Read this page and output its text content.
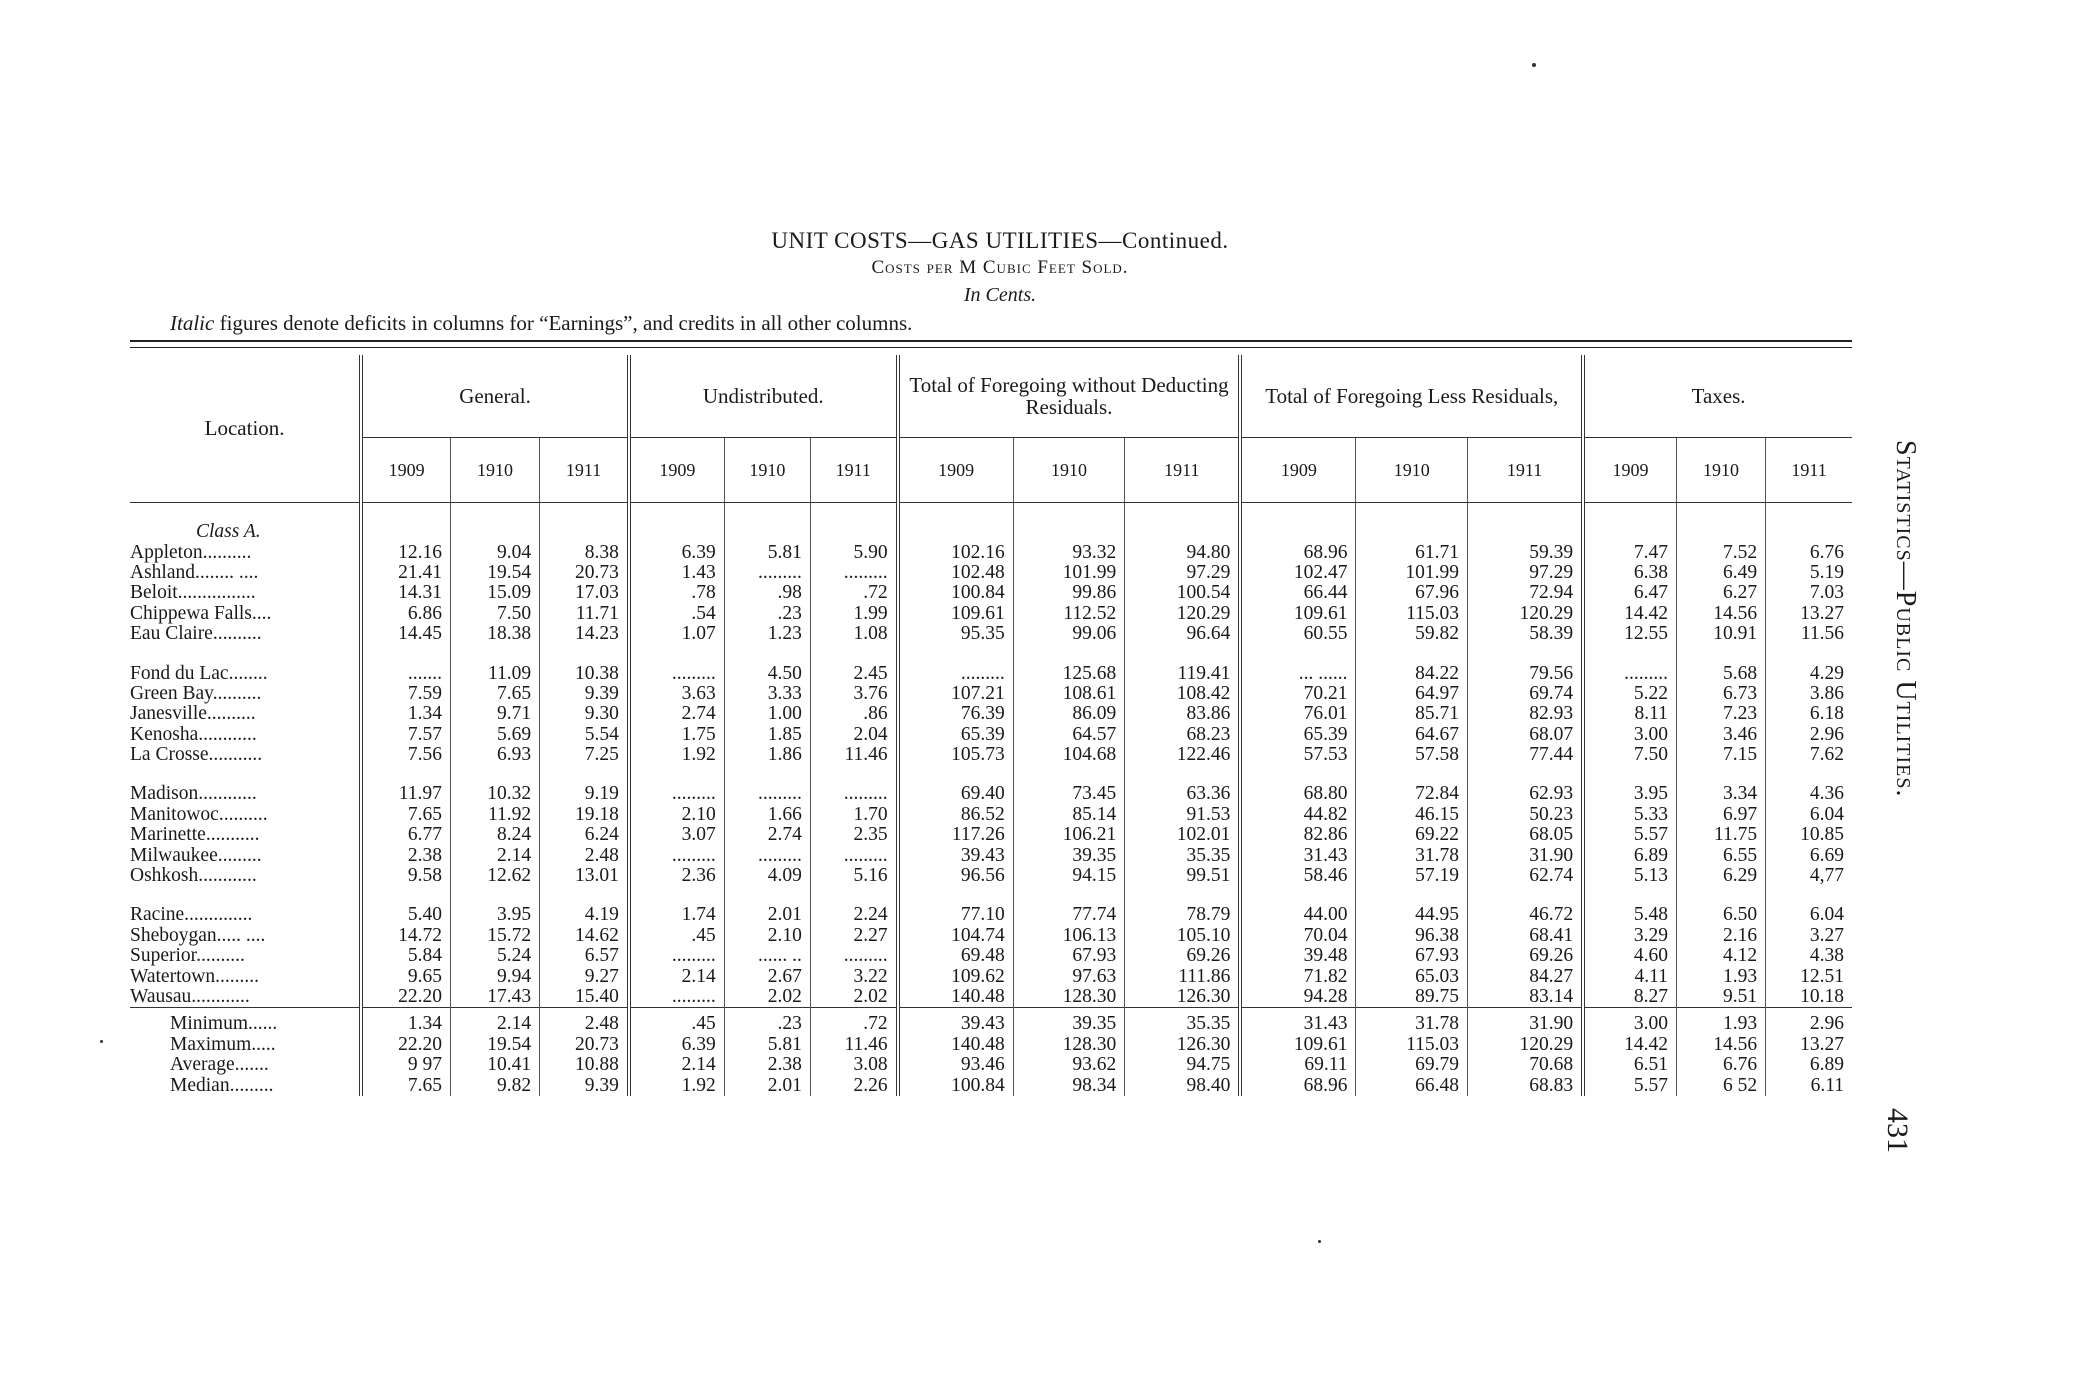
UNIT COSTS—GAS UTILITIES—Continued.
Costs per M Cubic Feet Sold.
In Cents.
Italic figures denote deficits in columns for “Earnings”, and credits in all other columns.
Location.	General.			Undistributed.			Total of Foregoing without Deducting Residuals.			Total of Foregoing Less Residuals,			Taxes.		
	1909	1910	1911	1909	1910	1911	1909	1910	1911	1909	1910	1911	1909	1910	1911

Class A.															
Appleton..........	12.16	9.04	8.38	6.39	5.81	5.90	102.16	93.32	94.80	68.96	61.71	59.39	7.47	7.52	6.76
Ashland........ ....	21.41	19.54	20.73	1.43	.........	.........	102.48	101.99	97.29	102.47	101.99	97.29	6.38	6.49	5.19
Beloit................	14.31	15.09	17.03	.78	.98	.72	100.84	99.86	100.54	66.44	67.96	72.94	6.47	6.27	7.03
Chippewa Falls....	6.86	7.50	11.71	.54	.23	1.99	109.61	112.52	120.29	109.61	115.03	120.29	14.42	14.56	13.27
Eau Claire..........	14.45	18.38	14.23	1.07	1.23	1.08	95.35	99.06	96.64	60.55	59.82	58.39	12.55	10.91	11.56

Fond du Lac........	.......	11.09	10.38	.........	4.50	2.45	.........	125.68	119.41	... ......	84.22	79.56	.........	5.68	4.29
Green Bay..........	7.59	7.65	9.39	3.63	3.33	3.76	107.21	108.61	108.42	70.21	64.97	69.74	5.22	6.73	3.86
Janesville..........	1.34	9.71	9.30	2.74	1.00	.86	76.39	86.09	83.86	76.01	85.71	82.93	8.11	7.23	6.18
Kenosha............	7.57	5.69	5.54	1.75	1.85	2.04	65.39	64.57	68.23	65.39	64.67	68.07	3.00	3.46	2.96
La Crosse...........	7.56	6.93	7.25	1.92	1.86	11.46	105.73	104.68	122.46	57.53	57.58	77.44	7.50	7.15	7.62

Madison............	11.97	10.32	9.19	.........	.........	.........	69.40	73.45	63.36	68.80	72.84	62.93	3.95	3.34	4.36
Manitowoc..........	7.65	11.92	19.18	2.10	1.66	1.70	86.52	85.14	91.53	44.82	46.15	50.23	5.33	6.97	6.04
Marinette...........	6.77	8.24	6.24	3.07	2.74	2.35	117.26	106.21	102.01	82.86	69.22	68.05	5.57	11.75	10.85
Milwaukee.........	2.38	2.14	2.48	.........	.........	.........	39.43	39.35	35.35	31.43	31.78	31.90	6.89	6.55	6.69
Oshkosh............	9.58	12.62	13.01	2.36	4.09	5.16	96.56	94.15	99.51	58.46	57.19	62.74	5.13	6.29	4,77

Racine..............	5.40	3.95	4.19	1.74	2.01	2.24	77.10	77.74	78.79	44.00	44.95	46.72	5.48	6.50	6.04
Sheboygan..... ....	14.72	15.72	14.62	.45	2.10	2.27	104.74	106.13	105.10	70.04	96.38	68.41	3.29	2.16	3.27
Superior..........	5.84	5.24	6.57	.........	...... ..	.........	69.48	67.93	69.26	39.48	67.93	69.26	4.60	4.12	4.38
Watertown.........	9.65	9.94	9.27	2.14	2.67	3.22	109.62	97.63	111.86	71.82	65.03	84.27	4.11	1.93	12.51
Wausau............	22.20	17.43	15.40	.........	2.02	2.02	140.48	128.30	126.30	94.28	89.75	83.14	8.27	9.51	10.18
Minimum......	1.34	2.14	2.48	.45	.23	.72	39.43	39.35	35.35	31.43	31.78	31.90	3.00	1.93	2.96
Maximum.....	22.20	19.54	20.73	6.39	5.81	11.46	140.48	128.30	126.30	109.61	115.03	120.29	14.42	14.56	13.27
Average.......	9 97	10.41	10.88	2.14	2.38	3.08	93.46	93.62	94.75	69.11	69.79	70.68	6.51	6.76	6.89
Median.........	7.65	9.82	9.39	1.92	2.01	2.26	100.84	98.34	98.40	68.96	66.48	68.83	5.57	6 52	6.11
Statistics—Public Utilities.
431
